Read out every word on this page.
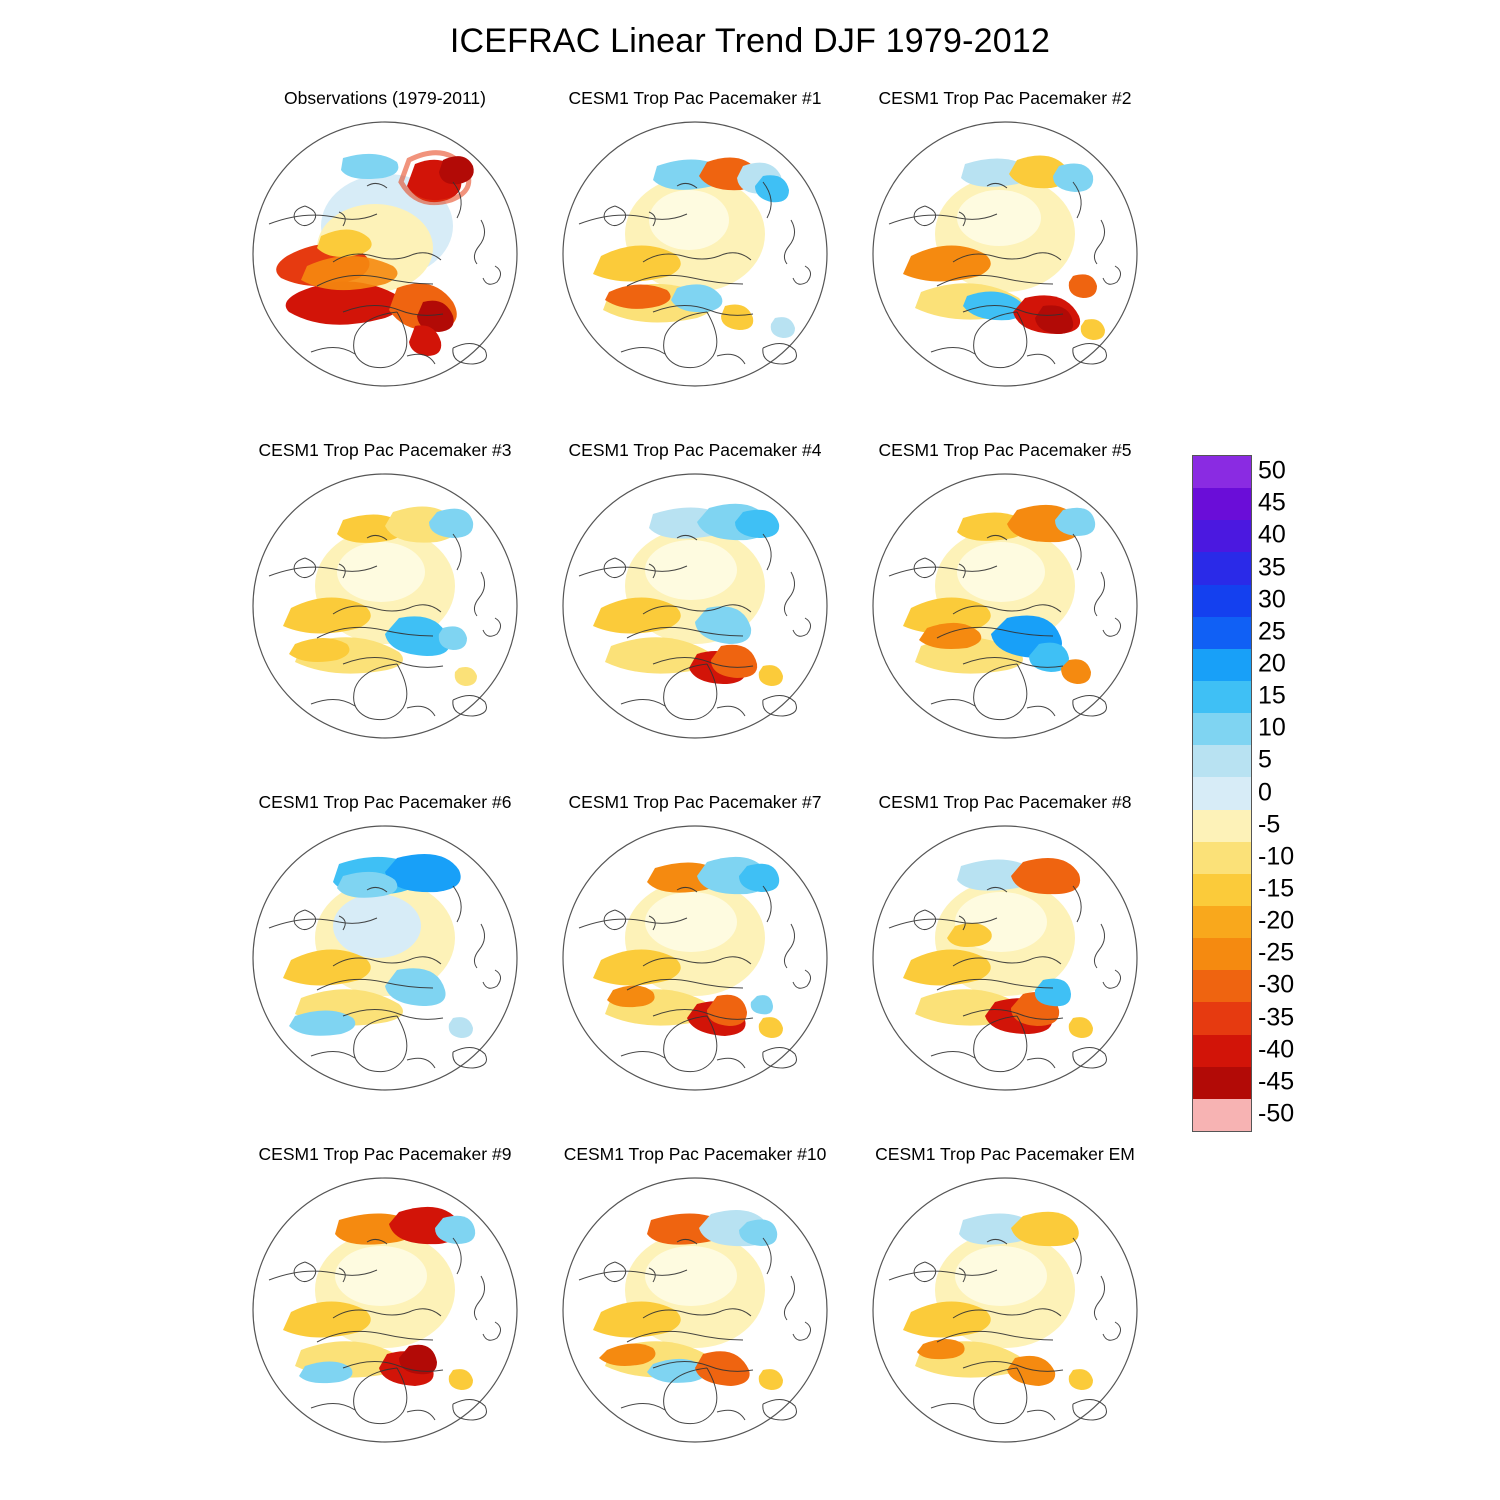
ICEFRAC Linear Trend DJF 1979-2012
Observations (1979-2011)	CESM1 Trop Pac Pacemaker #1	CESM1 Trop Pac Pacemaker #2
CESM1 Trop Pac Pacemaker #3	CESM1 Trop Pac Pacemaker #4	CESM1 Trop Pac Pacemaker #5
CESM1 Trop Pac Pacemaker #6	CESM1 Trop Pac Pacemaker #7	CESM1 Trop Pac Pacemaker #8
CESM1 Trop Pac Pacemaker #9	CESM1 Trop Pac Pacemaker #10	CESM1 Trop Pac Pacemaker EM
50
45
40
35
30
25
20
15
10
5
0
-5
-10
-15
-20
-25
-30
-35
-40
-45
-50
